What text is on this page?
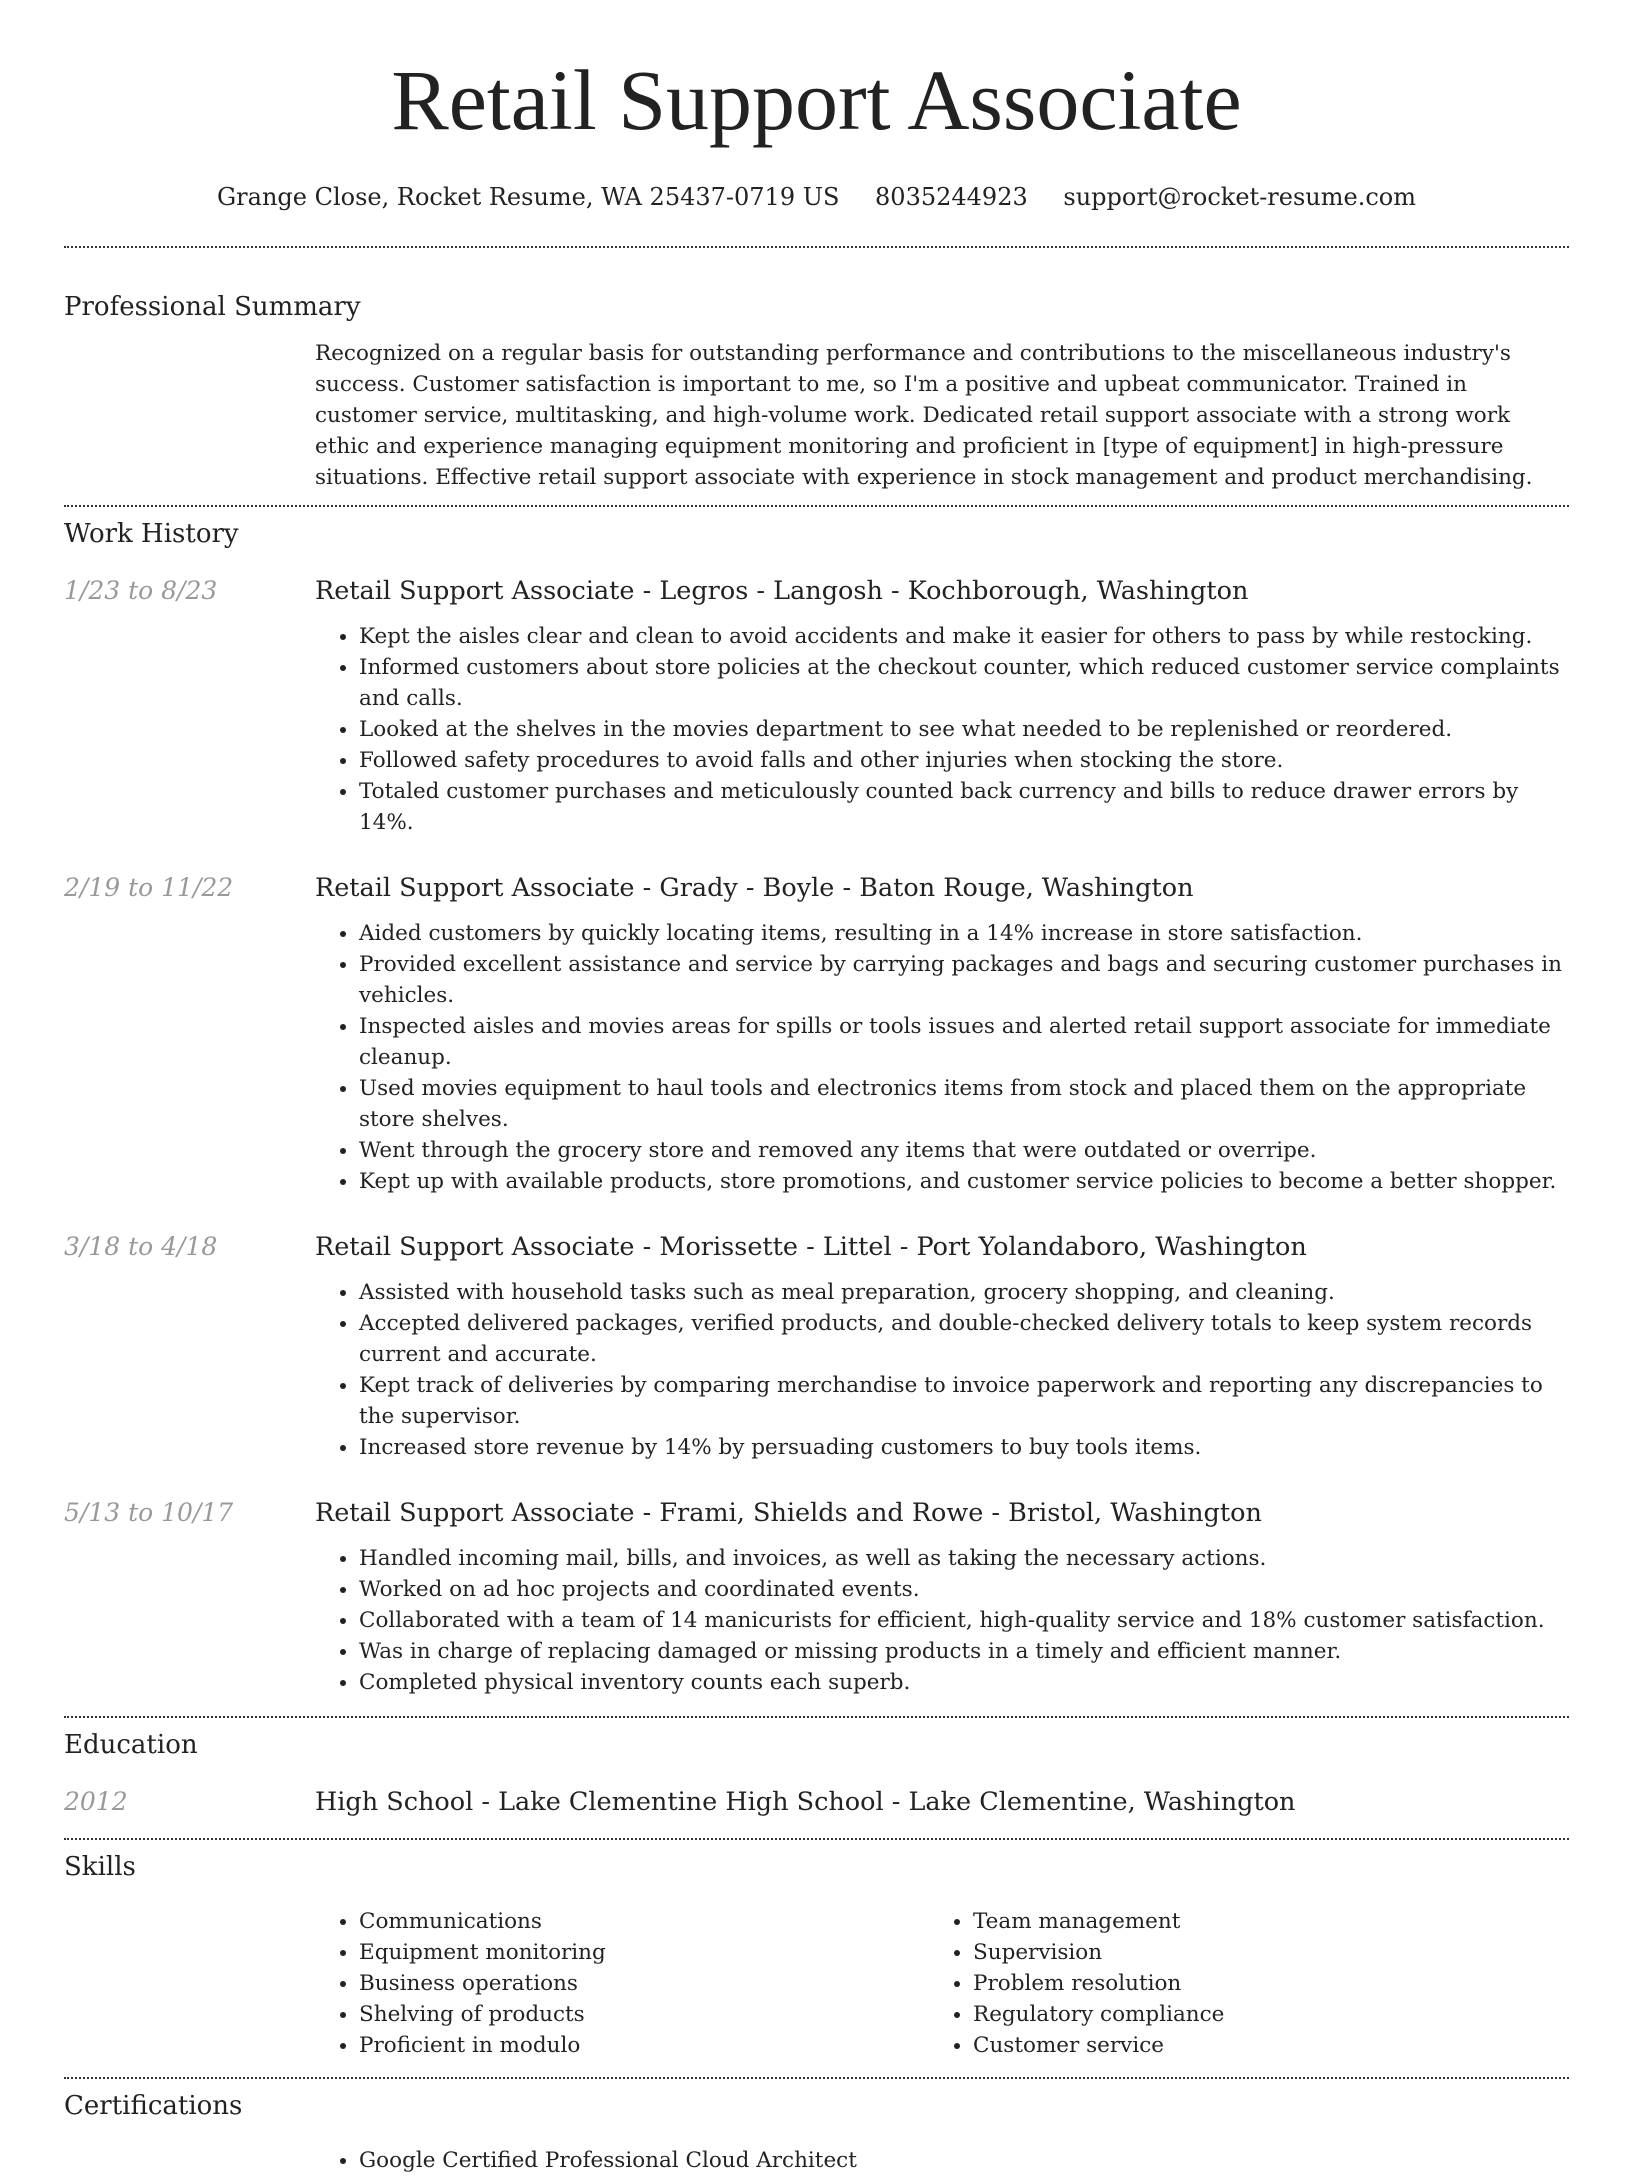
Retail Support Associate
Grange Close, Rocket Resume, WA 25437-0719 US 8035244923 support@rocket-resume.com
Professional Summary
Recognized on a regular basis for outstanding performance and contributions to the miscellaneous industry's success. Customer satisfaction is important to me, so I'm a positive and upbeat communicator. Trained in customer service, multitasking, and high-volume work. Dedicated retail support associate with a strong work ethic and experience managing equipment monitoring and proficient in [type of equipment] in high-pressure situations. Effective retail support associate with experience in stock management and product merchandising.
Work History
1/23 to 8/23	Retail Support Associate - Legros - Langosh - Kochborough, Washington
• Kept the aisles clear and clean to avoid accidents and make it easier for others to pass by while restocking.
• Informed customers about store policies at the checkout counter, which reduced customer service complaints and calls.
• Looked at the shelves in the movies department to see what needed to be replenished or reordered.
• Followed safety procedures to avoid falls and other injuries when stocking the store.
• Totaled customer purchases and meticulously counted back currency and bills to reduce drawer errors by 14%.
2/19 to 11/22	Retail Support Associate - Grady - Boyle - Baton Rouge, Washington
• Aided customers by quickly locating items, resulting in a 14% increase in store satisfaction.
• Provided excellent assistance and service by carrying packages and bags and securing customer purchases in vehicles.
• Inspected aisles and movies areas for spills or tools issues and alerted retail support associate for immediate cleanup.
• Used movies equipment to haul tools and electronics items from stock and placed them on the appropriate store shelves.
• Went through the grocery store and removed any items that were outdated or overripe.
• Kept up with available products, store promotions, and customer service policies to become a better shopper.
3/18 to 4/18	Retail Support Associate - Morissette - Littel - Port Yolandaboro, Washington
• Assisted with household tasks such as meal preparation, grocery shopping, and cleaning.
• Accepted delivered packages, verified products, and double-checked delivery totals to keep system records current and accurate.
• Kept track of deliveries by comparing merchandise to invoice paperwork and reporting any discrepancies to the supervisor.
• Increased store revenue by 14% by persuading customers to buy tools items.
5/13 to 10/17	Retail Support Associate - Frami, Shields and Rowe - Bristol, Washington
• Handled incoming mail, bills, and invoices, as well as taking the necessary actions.
• Worked on ad hoc projects and coordinated events.
• Collaborated with a team of 14 manicurists for efficient, high-quality service and 18% customer satisfaction.
• Was in charge of replacing damaged or missing products in a timely and efficient manner.
• Completed physical inventory counts each superb.
Education
2012	High School - Lake Clementine High School - Lake Clementine, Washington
Skills
• Communications
• Equipment monitoring
• Business operations
• Shelving of products
• Proficient in modulo
• Team management
• Supervision
• Problem resolution
• Regulatory compliance
• Customer service
Certifications
• Google Certified Professional Cloud Architect
